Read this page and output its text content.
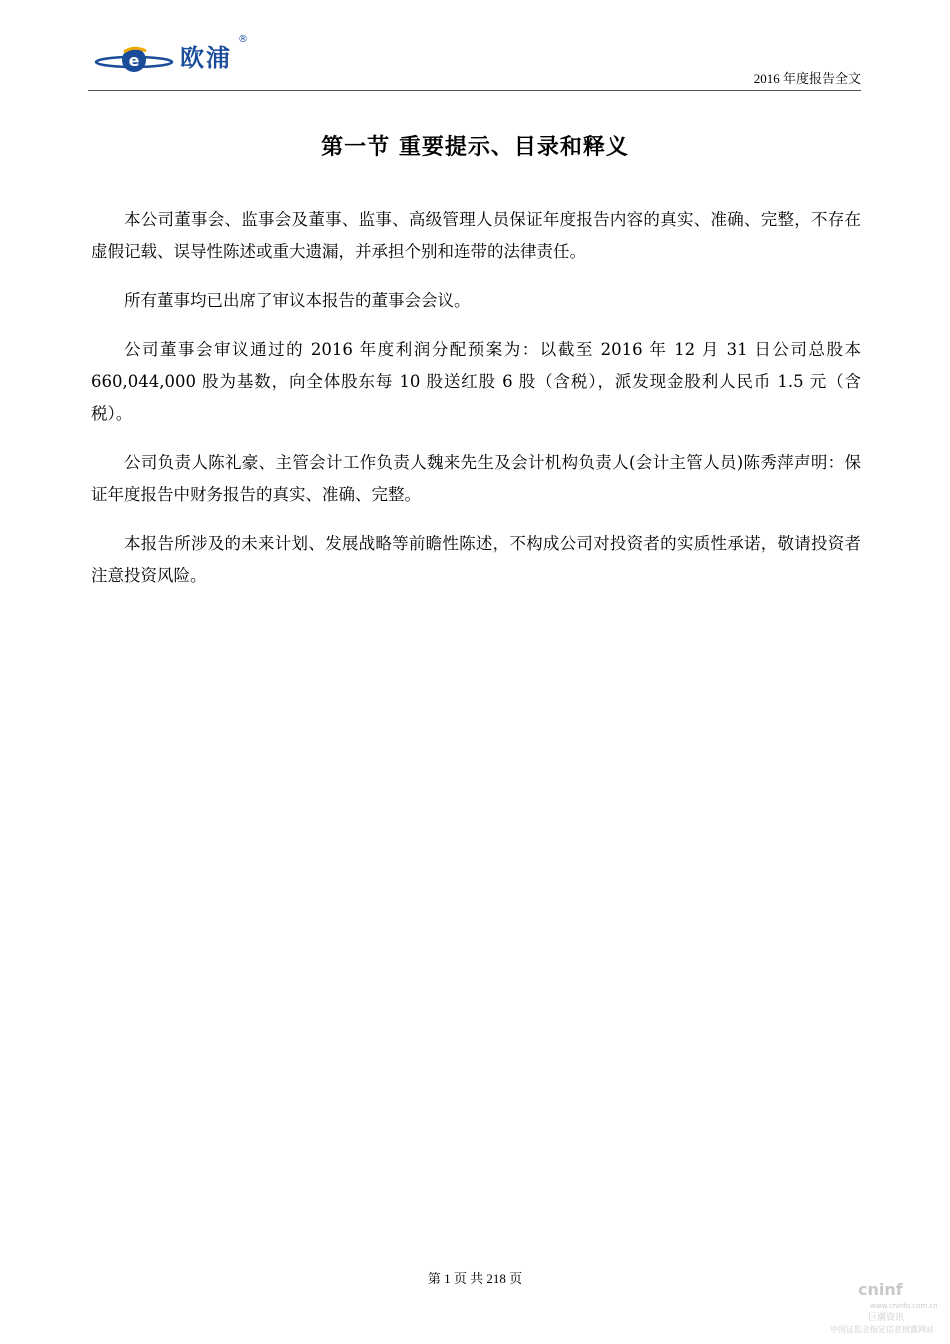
e 欧浦
®
2016 年度报告全文
第一节 重要提示、目录和释义

本公司董事会、监事会及董事、监事、高级管理人员保证年度报告内容的真实、准确、完整，不存在虚假记载、误导性陈述或重大遗漏，并承担个别和连带的法律责任。

所有董事均已出席了审议本报告的董事会会议。

公司董事会审议通过的 2016 年度利润分配预案为：以截至 2016 年 12 月 31 日公司总股本 660,044,000 股为基数，向全体股东每 10 股送红股 6 股（含税），派发现金股利人民币 1.5 元（含税）。

公司负责人陈礼豪、主管会计工作负责人魏来先生及会计机构负责人(会计主管人员)陈秀萍声明：保证年度报告中财务报告的真实、准确、完整。

本报告所涉及的未来计划、发展战略等前瞻性陈述，不构成公司对投资者的实质性承诺，敬请投资者注意投资风险。

第 1 页 共 218 页
cninf
www.cninfo.com.cn
巨潮资讯
中国证监会指定信息披露网站
